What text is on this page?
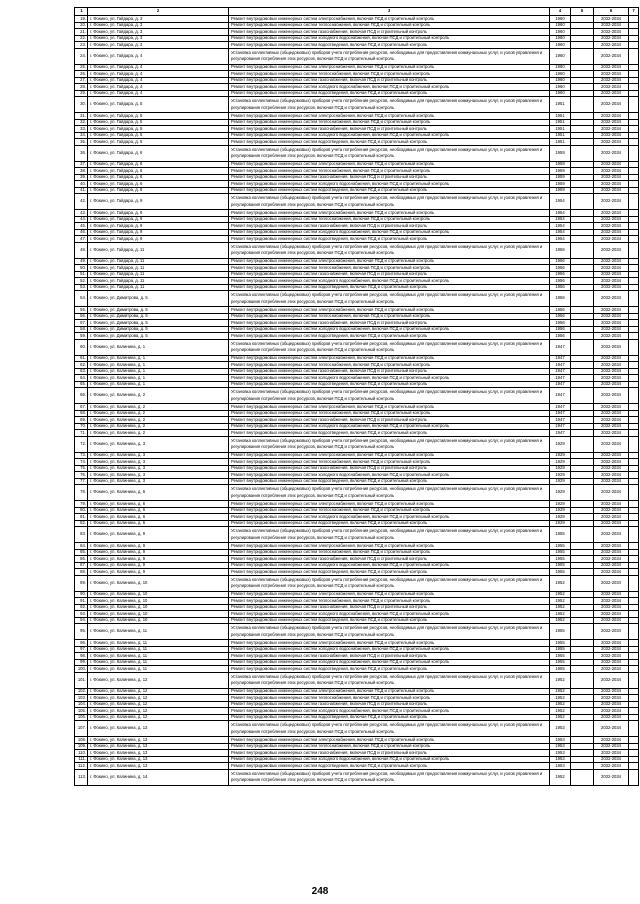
1	2	3	4	5	6	7
19.	г. Фокино, ул. Гайдара, д. 3	Ремонт внутридомовых инженерных систем электроснабжения, включая ПСД и строительный контроль	1960		2032-2034	
20.	г. Фокино, ул. Гайдара, д. 3	Ремонт внутридомовых инженерных систем теплоснабжения, включая ПСД и строительный контроль	1960		2032-2034	
21.	г. Фокино, ул. Гайдара, д. 3	Ремонт внутридомовых инженерных систем газоснабжения, включая ПСД и строительный контроль	1960		2032-2034	
22.	г. Фокино, ул. Гайдара, д. 3	Ремонт внутридомовых инженерных систем холодного водоснабжения, включая ПСД и строительный контроль	1960		2032-2034	
23.	г. Фокино, ул. Гайдара, д. 3	Ремонт внутридомовых инженерных систем водоотведения, включая ПСД и строительный контроль	1960		2032-2034	
24.	г. Фокино, ул. Гайдара, д. 4	Установка коллективных (общедомовых) приборов учета потребления ресурсов, необходимых для предоставления коммунальных услуг, и узлов управления и регулирования потребления этих ресурсов, включая ПСД и строительный контроль	1960		2032-2034	
25.	г. Фокино, ул. Гайдара, д. 4	Ремонт внутридомовых инженерных систем электроснабжения, включая ПСД и строительный контроль	1960		2032-2034	
26.	г. Фокино, ул. Гайдара, д. 4	Ремонт внутридомовых инженерных систем теплоснабжения, включая ПСД и строительный контроль	1960		2032-2034	
27.	г. Фокино, ул. Гайдара, д. 4	Ремонт внутридомовых инженерных систем газоснабжения, включая ПСД и строительный контроль	1960		2032-2034	
28.	г. Фокино, ул. Гайдара, д. 4	Ремонт внутридомовых инженерных систем холодного водоснабжения, включая ПСД и строительный контроль	1960		2032-2034	
29.	г. Фокино, ул. Гайдара, д. 4	Ремонт внутридомовых инженерных систем водоотведения, включая ПСД и строительный контроль	1960		2032-2034	
30.	г. Фокино, ул. Гайдара, д. 5	Установка коллективных (общедомовых) приборов учета потребления ресурсов, необходимых для предоставления коммунальных услуг, и узлов управления и регулирования потребления этих ресурсов, включая ПСД и строительный контроль	1951		2032-2034	
31.	г. Фокино, ул. Гайдара, д. 5	Ремонт внутридомовых инженерных систем электроснабжения, включая ПСД и строительный контроль	1951		2032-2034	
32.	г. Фокино, ул. Гайдара, д. 5	Ремонт внутридомовых инженерных систем теплоснабжения, включая ПСД и строительный контроль	1951		2032-2034	
33.	г. Фокино, ул. Гайдара, д. 5	Ремонт внутридомовых инженерных систем газоснабжения, включая ПСД и строительный контроль	1951		2032-2034	
34.	г. Фокино, ул. Гайдара, д. 5	Ремонт внутридомовых инженерных систем холодного водоснабжения, включая ПСД и строительный контроль	1951		2032-2034	
35.	г. Фокино, ул. Гайдара, д. 5	Ремонт внутридомовых инженерных систем водоотведения, включая ПСД и строительный контроль	1951		2032-2034	
36.	г. Фокино, ул. Гайдара, д. 6	Установка коллективных (общедомовых) приборов учета потребления ресурсов, необходимых для предоставления коммунальных услуг, и узлов управления и регулирования потребления этих ресурсов, включая ПСД и строительный контроль	1959		2032-2034	
37.	г. Фокино, ул. Гайдара, д. 6	Ремонт внутридомовых инженерных систем электроснабжения, включая ПСД и строительный контроль	1959		2032-2034	
38.	г. Фокино, ул. Гайдара, д. 6	Ремонт внутридомовых инженерных систем теплоснабжения, включая ПСД и строительный контроль	1959		2032-2034	
39.	г. Фокино, ул. Гайдара, д. 6	Ремонт внутридомовых инженерных систем газоснабжения, включая ПСД и строительный контроль	1959		2032-2034	
40.	г. Фокино, ул. Гайдара, д. 6	Ремонт внутридомовых инженерных систем холодного водоснабжения, включая ПСД и строительный контроль	1959		2032-2034	
41.	г. Фокино, ул. Гайдара, д. 6	Ремонт внутридомовых инженерных систем водоотведения, включая ПСД и строительный контроль	1959		2032-2034	
42.	г. Фокино, ул. Гайдара, д. 9	Установка коллективных (общедомовых) приборов учета потребления ресурсов, необходимых для предоставления коммунальных услуг, и узлов управления и регулирования потребления этих ресурсов, включая ПСД и строительный контроль	1954		2032-2034	
43.	г. Фокино, ул. Гайдара, д. 9	Ремонт внутридомовых инженерных систем электроснабжения, включая ПСД и строительный контроль	1954		2032-2034	
44.	г. Фокино, ул. Гайдара, д. 9	Ремонт внутридомовых инженерных систем теплоснабжения, включая ПСД и строительный контроль	1954		2032-2034	
45.	г. Фокино, ул. Гайдара, д. 9	Ремонт внутридомовых инженерных систем газоснабжения, включая ПСД и строительный контроль	1954		2032-2034	
46.	г. Фокино, ул. Гайдара, д. 9	Ремонт внутридомовых инженерных систем холодного водоснабжения, включая ПСД и строительный контроль	1954		2032-2034	
47.	г. Фокино, ул. Гайдара, д. 9	Ремонт внутридомовых инженерных систем водоотведения, включая ПСД и строительный контроль	1954		2032-2034	
48.	г. Фокино, ул. Гайдара, д. 11	Установка коллективных (общедомовых) приборов учета потребления ресурсов, необходимых для предоставления коммунальных услуг, и узлов управления и регулирования потребления этих ресурсов, включая ПСД и строительный контроль	1956		2032-2034	
49.	г. Фокино, ул. Гайдара, д. 11	Ремонт внутридомовых инженерных систем электроснабжения, включая ПСД и строительный контроль	1956		2032-2034	
50.	г. Фокино, ул. Гайдара, д. 11	Ремонт внутридомовых инженерных систем теплоснабжения, включая ПСД и строительный контроль	1956		2032-2034	
51.	г. Фокино, ул. Гайдара, д. 11	Ремонт внутридомовых инженерных систем газоснабжения, включая ПСД и строительный контроль	1956		2032-2034	
52.	г. Фокино, ул. Гайдара, д. 11	Ремонт внутридомовых инженерных систем холодного водоснабжения, включая ПСД и строительный контроль	1956		2032-2034	
53.	г. Фокино, ул. Гайдара, д. 11	Ремонт внутридомовых инженерных систем водоотведения, включая ПСД и строительный контроль	1956		2032-2034	
54.	г. Фокино, ул. Димитрова, д. 5	Установка коллективных (общедомовых) приборов учета потребления ресурсов, необходимых для предоставления коммунальных услуг, и узлов управления и регулирования потребления этих ресурсов, включая ПСД и строительный контроль	1956		2032-2034	
55.	г. Фокино, ул. Димитрова, д. 5	Ремонт внутридомовых инженерных систем электроснабжения, включая ПСД и строительный контроль	1956		2032-2034	
56.	г. Фокино, ул. Димитрова, д. 5	Ремонт внутридомовых инженерных систем теплоснабжения, включая ПСД и строительный контроль	1956		2032-2034	
57.	г. Фокино, ул. Димитрова, д. 5	Ремонт внутридомовых инженерных систем газоснабжения, включая ПСД и строительный контроль	1956		2032-2034	
58.	г. Фокино, ул. Димитрова, д. 5	Ремонт внутридомовых инженерных систем холодного водоснабжения, включая ПСД и строительный контроль	1956		2032-2034	
59.	г. Фокино, ул. Димитрова, д. 5	Ремонт внутридомовых инженерных систем водоотведения, включая ПСД и строительный контроль	1956		2032-2034	
60.	г. Фокино, ул. Калинина, д. 1	Установка коллективных (общедомовых) приборов учета потребления ресурсов, необходимых для предоставления коммунальных услуг, и узлов управления и регулирования потребления этих ресурсов, включая ПСД и строительный контроль	1947		2032-2034	
61.	г. Фокино, ул. Калинина, д. 1	Ремонт внутридомовых инженерных систем электроснабжения, включая ПСД и строительный контроль	1947		2032-2034	
62.	г. Фокино, ул. Калинина, д. 1	Ремонт внутридомовых инженерных систем теплоснабжения, включая ПСД и строительный контроль	1947		2032-2034	
63.	г. Фокино, ул. Калинина, д. 1	Ремонт внутридомовых инженерных систем газоснабжения, включая ПСД и строительный контроль	1947		2032-2034	
64.	г. Фокино, ул. Калинина, д. 1	Ремонт внутридомовых инженерных систем холодного водоснабжения, включая ПСД и строительный контроль	1947		2032-2034	
65.	г. Фокино, ул. Калинина, д. 1	Ремонт внутридомовых инженерных систем водоотведения, включая ПСД и строительный контроль	1947		2032-2034	
66.	г. Фокино, ул. Калинина, д. 2	Установка коллективных (общедомовых) приборов учета потребления ресурсов, необходимых для предоставления коммунальных услуг, и узлов управления и регулирования потребления этих ресурсов, включая ПСД и строительный контроль	1947		2032-2034	
67.	г. Фокино, ул. Калинина, д. 2	Ремонт внутридомовых инженерных систем электроснабжения, включая ПСД и строительный контроль	1947		2032-2034	
68.	г. Фокино, ул. Калинина, д. 2	Ремонт внутридомовых инженерных систем теплоснабжения, включая ПСД и строительный контроль	1947		2032-2034	
69.	г. Фокино, ул. Калинина, д. 2	Ремонт внутридомовых инженерных систем газоснабжения, включая ПСД и строительный контроль	1947		2032-2034	
70.	г. Фокино, ул. Калинина, д. 2	Ремонт внутридомовых инженерных систем холодного водоснабжения, включая ПСД и строительный контроль	1947		2032-2034	
71.	г. Фокино, ул. Калинина, д. 2	Ремонт внутридомовых инженерных систем водоотведения, включая ПСД и строительный контроль	1947		2032-2034	
72.	г. Фокино, ул. Калинина, д. 3	Установка коллективных (общедомовых) приборов учета потребления ресурсов, необходимых для предоставления коммунальных услуг, и узлов управления и регулирования потребления этих ресурсов, включая ПСД и строительный контроль	1929		2032-2034	
73.	г. Фокино, ул. Калинина, д. 3	Ремонт внутридомовых инженерных систем электроснабжения, включая ПСД и строительный контроль	1929		2032-2034	
74.	г. Фокино, ул. Калинина, д. 3	Ремонт внутридомовых инженерных систем теплоснабжения, включая ПСД и строительный контроль	1929		2032-2034	
75.	г. Фокино, ул. Калинина, д. 3	Ремонт внутридомовых инженерных систем газоснабжения, включая ПСД и строительный контроль	1929		2032-2034	
76.	г. Фокино, ул. Калинина, д. 3	Ремонт внутридомовых инженерных систем холодного водоснабжения, включая ПСД и строительный контроль	1929		2032-2034	
77.	г. Фокино, ул. Калинина, д. 3	Ремонт внутридомовых инженерных систем водоотведения, включая ПСД и строительный контроль	1929		2032-2034	
78.	г. Фокино, ул. Калинина, д. 6	Установка коллективных (общедомовых) приборов учета потребления ресурсов, необходимых для предоставления коммунальных услуг, и узлов управления и регулирования потребления этих ресурсов, включая ПСД и строительный контроль	1929		2032-2034	
79.	г. Фокино, ул. Калинина, д. 6	Ремонт внутридомовых инженерных систем электроснабжения, включая ПСД и строительный контроль	1929		2032-2034	
80.	г. Фокино, ул. Калинина, д. 6	Ремонт внутридомовых инженерных систем теплоснабжения, включая ПСД и строительный контроль	1929		2032-2034	
81.	г. Фокино, ул. Калинина, д. 6	Ремонт внутридомовых инженерных систем холодного водоснабжения, включая ПСД и строительный контроль	1929		2032-2034	
82.	г. Фокино, ул. Калинина, д. 6	Ремонт внутридомовых инженерных систем водоотведения, включая ПСД и строительный контроль	1929		2032-2034	
83.	г. Фокино, ул. Калинина, д. 9	Установка коллективных (общедомовых) приборов учета потребления ресурсов, необходимых для предоставления коммунальных услуг, и узлов управления и регулирования потребления этих ресурсов, включая ПСД и строительный контроль	1955		2032-2034	
84.	г. Фокино, ул. Калинина, д. 9	Ремонт внутридомовых инженерных систем электроснабжения, включая ПСД и строительный контроль	1955		2032-2034	
85.	г. Фокино, ул. Калинина, д. 9	Ремонт внутридомовых инженерных систем теплоснабжения, включая ПСД и строительный контроль	1955		2032-2034	
86.	г. Фокино, ул. Калинина, д. 9	Ремонт внутридомовых инженерных систем газоснабжения, включая ПСД и строительный контроль	1955		2032-2034	
87.	г. Фокино, ул. Калинина, д. 9	Ремонт внутридомовых инженерных систем холодного водоснабжения, включая ПСД и строительный контроль	1955		2032-2034	
88.	г. Фокино, ул. Калинина, д. 9	Ремонт внутридомовых инженерных систем водоотведения, включая ПСД и строительный контроль	1955		2032-2034	
89.	г. Фокино, ул. Калинина, д. 10	Установка коллективных (общедомовых) приборов учета потребления ресурсов, необходимых для предоставления коммунальных услуг, и узлов управления и регулирования потребления этих ресурсов, включая ПСД и строительный контроль	1952		2032-2034	
90.	г. Фокино, ул. Калинина, д. 10	Ремонт внутридомовых инженерных систем электроснабжения, включая ПСД и строительный контроль	1952		2032-2034	
91.	г. Фокино, ул. Калинина, д. 10	Ремонт внутридомовых инженерных систем теплоснабжения, включая ПСД и строительный контроль	1952		2032-2034	
92.	г. Фокино, ул. Калинина, д. 10	Ремонт внутридомовых инженерных систем газоснабжения, включая ПСД и строительный контроль	1952		2032-2034	
93.	г. Фокино, ул. Калинина, д. 10	Ремонт внутридомовых инженерных систем холодного водоснабжения, включая ПСД и строительный контроль	1952		2032-2034	
94.	г. Фокино, ул. Калинина, д. 10	Ремонт внутридомовых инженерных систем водоотведения, включая ПСД и строительный контроль	1952		2032-2034	
95.	г. Фокино, ул. Калинина, д. 11	Установка коллективных (общедомовых) приборов учета потребления ресурсов, необходимых для предоставления коммунальных услуг, и узлов управления и регулирования потребления этих ресурсов, включая ПСД и строительный контроль	1955		2032-2034	
96.	г. Фокино, ул. Калинина, д. 11	Ремонт внутридомовых инженерных систем электроснабжения, включая ПСД и строительный контроль	1955		2032-2034	
97.	г. Фокино, ул. Калинина, д. 11	Ремонт внутридомовых инженерных систем холодного водоснабжения, включая ПСД и строительный контроль	1955		2032-2034	
98.	г. Фокино, ул. Калинина, д. 11	Ремонт внутридомовых инженерных систем газоснабжения, включая ПСД и строительный контроль	1955		2032-2034	
99.	г. Фокино, ул. Калинина, д. 11	Ремонт внутридомовых инженерных систем холодного водоснабжения, включая ПСД и строительный контроль	1955		2032-2034	
100.	г. Фокино, ул. Калинина, д. 11	Ремонт внутридомовых инженерных систем водоотведения, включая ПСД и строительный контроль	1955		2032-2034	
101.	г. Фокино, ул. Калинина, д. 12	Установка коллективных (общедомовых) приборов учета потребления ресурсов, необходимых для предоставления коммунальных услуг, и узлов управления и регулирования потребления этих ресурсов, включая ПСД и строительный контроль	1952		2032-2034	
102.	г. Фокино, ул. Калинина, д. 12	Ремонт внутридомовых инженерных систем электроснабжения, включая ПСД и строительный контроль	1952		2032-2034	
103.	г. Фокино, ул. Калинина, д. 12	Ремонт внутридомовых инженерных систем теплоснабжения, включая ПСД и строительный контроль	1952		2032-2034	
104.	г. Фокино, ул. Калинина, д. 12	Ремонт внутридомовых инженерных систем газоснабжения, включая ПСД и строительный контроль	1952		2032-2034	
105.	г. Фокино, ул. Калинина, д. 12	Ремонт внутридомовых инженерных систем холодного водоснабжения, включая ПСД и строительный контроль	1952		2032-2034	
106.	г. Фокино, ул. Калинина, д. 12	Ремонт внутридомовых инженерных систем водоотведения, включая ПСД и строительный контроль	1952		2032-2034	
107.	г. Фокино, ул. Калинина, д. 13	Установка коллективных (общедомовых) приборов учета потребления ресурсов, необходимых для предоставления коммунальных услуг, и узлов управления и регулирования потребления этих ресурсов, включая ПСД и строительный контроль	1953		2032-2034	
108.	г. Фокино, ул. Калинина, д. 13	Ремонт внутридомовых инженерных систем электроснабжения, включая ПСД и строительный контроль	1953		2032-2034	
109.	г. Фокино, ул. Калинина, д. 13	Ремонт внутридомовых инженерных систем теплоснабжения, включая ПСД и строительный контроль	1953		2032-2034	
110.	г. Фокино, ул. Калинина, д. 13	Ремонт внутридомовых инженерных систем газоснабжения, включая ПСД и строительный контроль	1953		2032-2034	
111.	г. Фокино, ул. Калинина, д. 13	Ремонт внутридомовых инженерных систем холодного водоснабжения, включая ПСД и строительный контроль	1953		2032-2034	
112.	г. Фокино, ул. Калинина, д. 13	Ремонт внутридомовых инженерных систем водоотведения, включая ПСД и строительный контроль	1953		2032-2034	
113.	г. Фокино, ул. Калинина, д. 14	Установка коллективных (общедомовых) приборов учета потребления ресурсов, необходимых для предоставления коммунальных услуг, и узлов управления и регулирования потребления этих ресурсов, включая ПСД и строительный контроль	1952		2032-2034	
248
